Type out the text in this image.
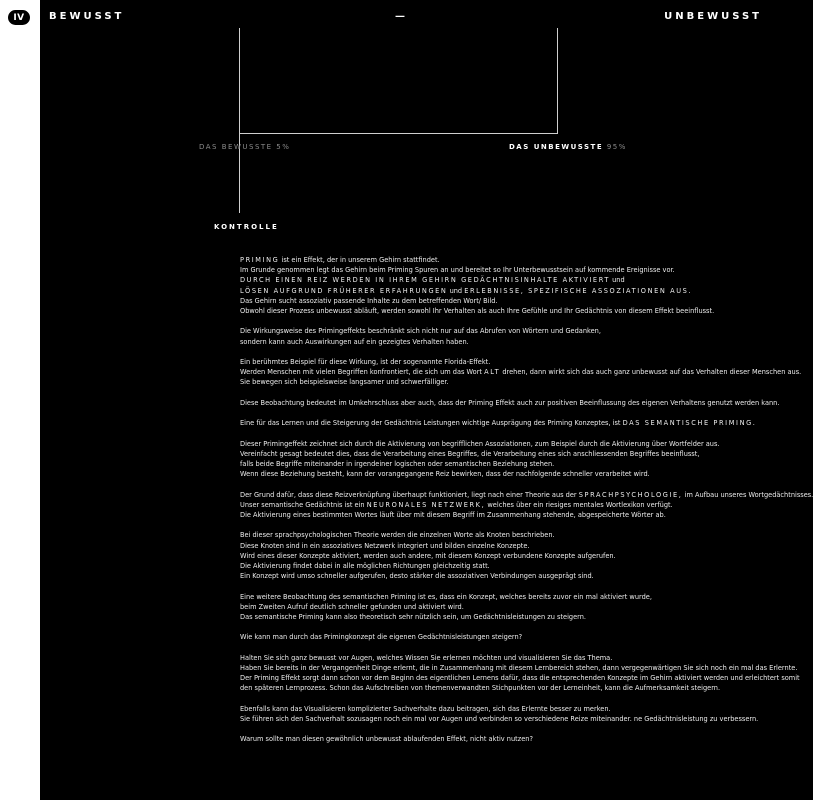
IV	BEWUSST	—	UNBEWUSST
DAS BEWUSSTE 5%	DAS UNBEWUSSTE 95%
KONTROLLE
PRIMING ist ein Effekt, der in unserem Gehirn stattfindet.
Im Grunde genommen legt das Gehirn beim Priming Spuren an und bereitet so Ihr Unterbewusstsein auf kommende Ereignisse vor.
DURCH EINEN REIZ WERDEN IN IHREM GEHIRN GEDÄCHTNISINHALTE AKTIVIERT und
LÖSEN AUFGRUND FRÜHERER ERFAHRUNGEN und ERLEBNISSE, SPEZIFISCHE ASSOZIATIONEN AUS.
Das Gehirn sucht assoziativ passende Inhalte zu dem betreffenden Wort/ Bild.
Obwohl dieser Prozess unbewusst abläuft, werden sowohl Ihr Verhalten als auch Ihre Gefühle und Ihr Gedächtnis von diesem Effekt beeinflusst.
Die Wirkungsweise des Primingeffekts beschränkt sich nicht nur auf das Abrufen von Wörtern und Gedanken,
sondern kann auch Auswirkungen auf ein gezeigtes Verhalten haben.
Ein berühmtes Beispiel für diese Wirkung, ist der sogenannte Florida-Effekt.
Werden Menschen mit vielen Begriffen konfrontiert, die sich um das Wort ALT drehen, dann wirkt sich das auch ganz unbewusst auf das Verhalten dieser Menschen aus.
Sie bewegen sich beispielsweise langsamer und schwerfälliger.
Diese Beobachtung bedeutet im Umkehrschluss aber auch, dass der Priming Effekt auch zur positiven Beeinflussung des eigenen Verhaltens genutzt werden kann.
Eine für das Lernen und die Steigerung der Gedächtnis Leistungen wichtige Ausprägung des Priming Konzeptes, ist DAS SEMANTISCHE PRIMING.
Dieser Primingeffekt zeichnet sich durch die Aktivierung von begrifflichen Assoziationen, zum Beispiel durch die Aktivierung über Wortfelder aus.
Vereinfacht gesagt bedeutet dies, dass die Verarbeitung eines Begriffes, die Verarbeitung eines sich anschliessenden Begriffes beeinflusst,
falls beide Begriffe miteinander in irgendeiner logischen oder semantischen Beziehung stehen.
Wenn diese Beziehung besteht, kann der vorangegangene Reiz bewirken, dass der nachfolgende schneller verarbeitet wird.
Der Grund dafür, dass diese Reizverknüpfung überhaupt funktioniert, liegt nach einer Theorie aus der SPRACHPSYCHOLOGIE, im Aufbau unseres Wortgedächtnisses.
Unser semantische Gedächtnis ist ein NEURONALES NETZWERK, welches über ein riesiges mentales Wortlexikon verfügt.
Die Aktivierung eines bestimmten Wortes läuft über mit diesem Begriff im Zusammenhang stehende, abgespeicherte Wörter ab.
Bei dieser sprachpsychologischen Theorie werden die einzelnen Worte als Knoten beschrieben.
Diese Knoten sind in ein assoziatives Netzwerk integriert und bilden einzelne Konzepte.
Wird eines dieser Konzepte aktiviert, werden auch andere, mit diesem Konzept verbundene Konzepte aufgerufen.
Die Aktivierung findet dabei in alle möglichen Richtungen gleichzeitig statt.
Ein Konzept wird umso schneller aufgerufen, desto stärker die assoziativen Verbindungen ausgeprägt sind.
Eine weitere Beobachtung des semantischen Priming ist es, dass ein Konzept, welches bereits zuvor ein mal aktiviert wurde,
beim Zweiten Aufruf deutlich schneller gefunden und aktiviert wird.
Das semantische Priming kann also theoretisch sehr nützlich sein, um Gedächtnisleistungen zu steigern.
Wie kann man durch das Primingkonzept die eigenen Gedächtnisleistungen steigern?
Halten Sie sich ganz bewusst vor Augen, welches Wissen Sie erlernen möchten und visualisieren Sie das Thema.
Haben Sie bereits in der Vergangenheit Dinge erlernt, die in Zusammenhang mit diesem Lernbereich stehen, dann vergegenwärtigen Sie sich noch ein mal das Erlernte.
Der Priming Effekt sorgt dann schon vor dem Beginn des eigentlichen Lernens dafür, dass die entsprechenden Konzepte im Gehirn aktiviert werden und erleichtert somit
den späteren Lernprozess. Schon das Aufschreiben von themenverwandten Stichpunkten vor der Lerneinheit, kann die Aufmerksamkeit steigern.
Ebenfalls kann das Visualisieren komplizierter Sachverhalte dazu beitragen, sich das Erlernte besser zu merken.
Sie führen sich den Sachverhalt sozusagen noch ein mal vor Augen und verbinden so verschiedene Reize miteinander. ne Gedächtnisleistung zu verbessern.
Warum sollte man diesen gewöhnlich unbewusst ablaufenden Effekt, nicht aktiv nutzen?
